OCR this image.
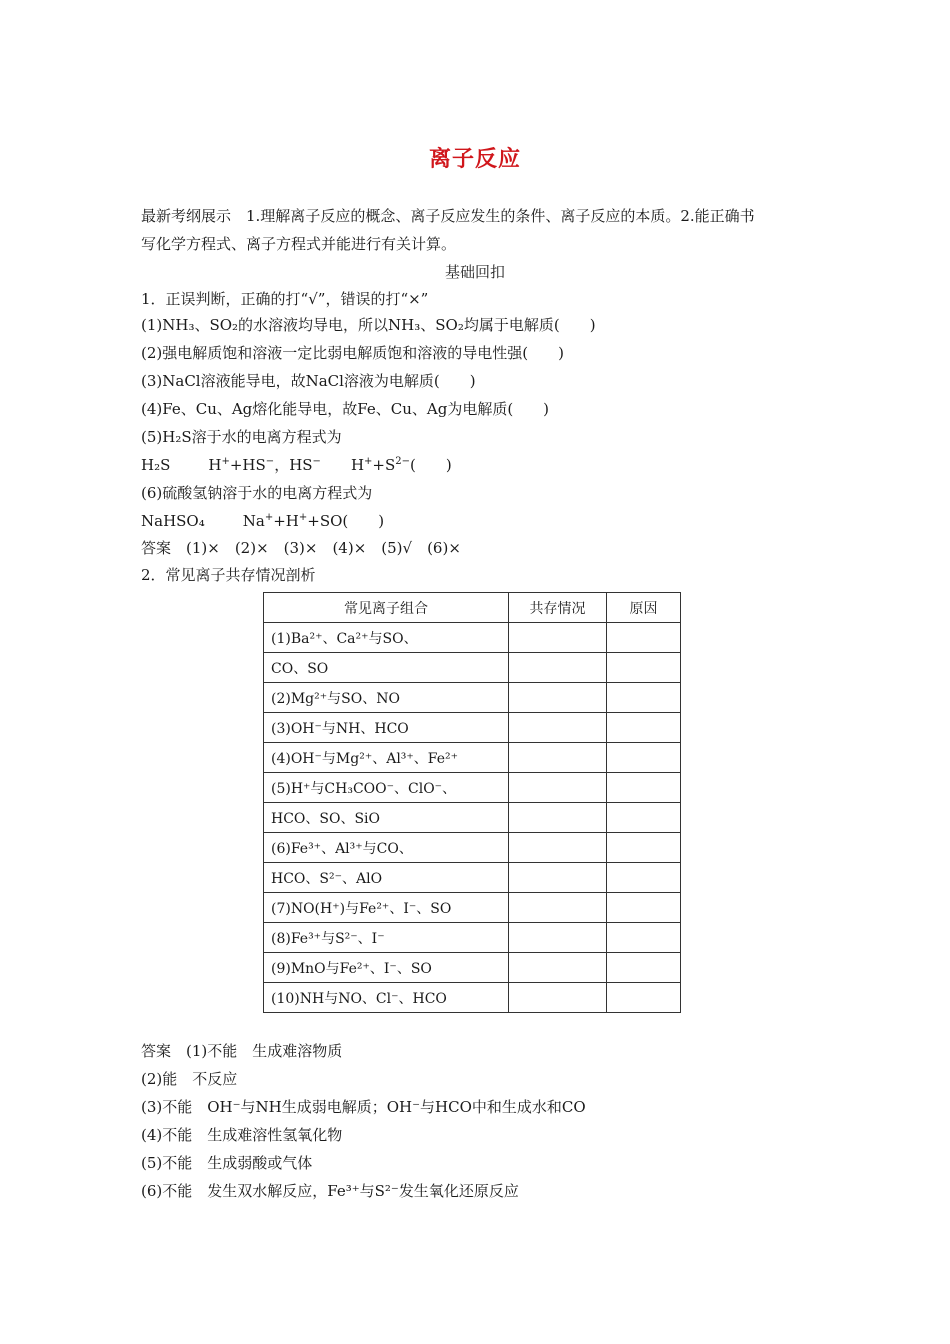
离子反应
最新考纲展示　1.理解离子反应的概念、离子反应发生的条件、离子反应的本质。2.能正确书
写化学方程式、离子方程式并能进行有关计算。
基础回扣
1．正误判断，正确的打“√”，错误的打“×”
(1)NH₃、SO₂的水溶液均导电，所以NH₃、SO₂均属于电解质(　　)
(2)强电解质饱和溶液一定比弱电解质饱和溶液的导电性强(　　)
(3)NaCl溶液能导电，故NaCl溶液为电解质(　　)
(4)Fe、Cu、Ag熔化能导电，故Fe、Cu、Ag为电解质(　　)
(5)H₂S溶于水的电离方程式为
H₂S	H++HS−，HS− $H^++S^{2-}$(　　)
(6)硫酸氢钠溶于水的电离方程式为
NaHSO₄	Na++H++SO(　　)
答案　(1)×　(2)×　(3)×　(4)×　(5)√　(6)×
2．常见离子共存情况剖析
常见离子组合	共存情况	原因
(1)Ba²⁺、Ca²⁺与SO、		
CO、SO		
(2)Mg²⁺与SO、NO		
(3)OH⁻与NH、HCO		
(4)OH⁻与Mg²⁺、Al³⁺、Fe²⁺		
(5)H⁺与CH₃COO⁻、ClO⁻、		
HCO、SO、SiO		
(6)Fe³⁺、Al³⁺与CO、		
HCO、S²⁻、AlO		
(7)NO(H⁺)与Fe²⁺、I⁻、SO		
(8)Fe³⁺与S²⁻、I⁻		
(9)MnO与Fe²⁺、I⁻、SO		
(10)NH与NO、Cl⁻、HCO		
答案　(1)不能　生成难溶物质
(2)能　不反应
(3)不能　OH⁻与NH生成弱电解质；OH⁻与HCO中和生成水和CO
(4)不能　生成难溶性氢氧化物
(5)不能　生成弱酸或气体
(6)不能　发生双水解反应，Fe³⁺与S²⁻发生氧化还原反应
